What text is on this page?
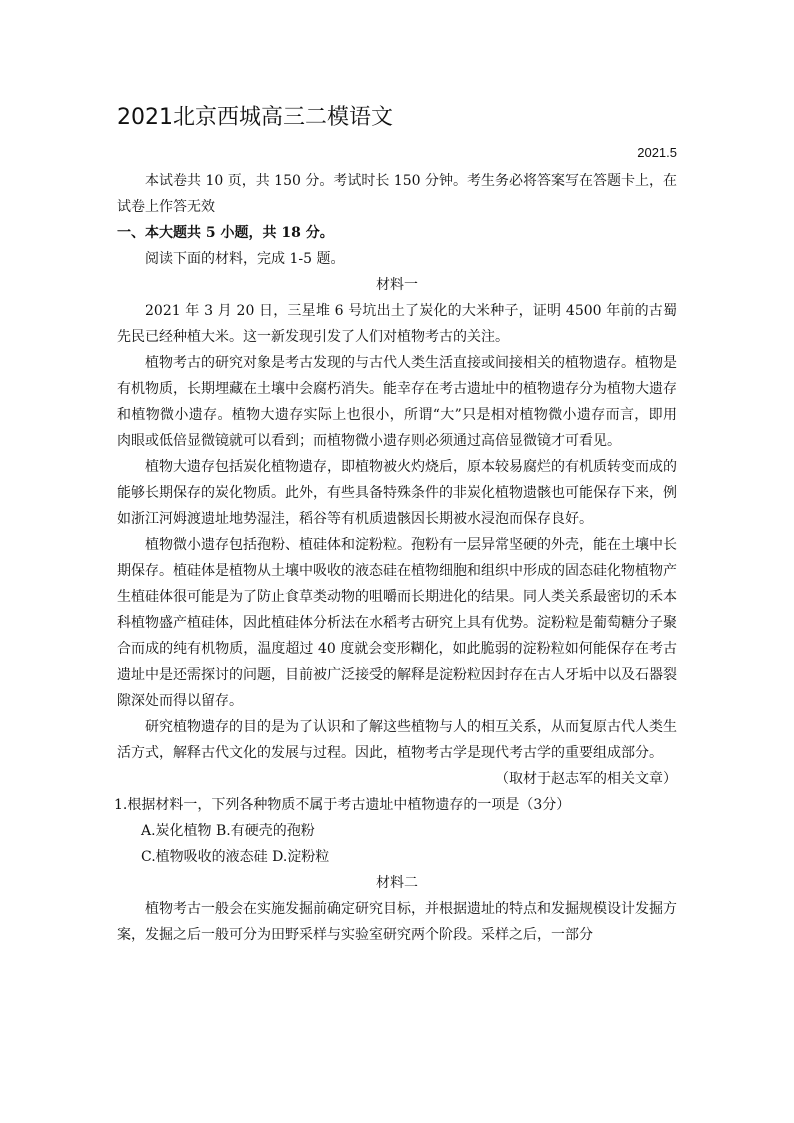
2021北京西城高三二模语文
2021.5

本试卷共 10 页，共 150 分。考试时长 150 分钟。考生务必将答案写在答题卡上，在试卷上作答无效

一、本大题共 5 小题，共 18 分。

阅读下面的材料，完成 1-5 题。

材料一

2021 年 3 月 20 日，三星堆 6 号坑出土了炭化的大米种子，证明 4500 年前的古蜀先民已经种植大米。这一新发现引发了人们对植物考古的关注。

植物考古的研究对象是考古发现的与古代人类生活直接或间接相关的植物遗存。植物是有机物质，长期埋藏在土壤中会腐朽消失。能幸存在考古遗址中的植物遗存分为植物大遗存和植物微小遗存。植物大遗存实际上也很小，所谓“大”只是相对植物微小遗存而言，即用肉眼或低倍显微镜就可以看到；而植物微小遗存则必须通过高倍显微镜才可看见。

植物大遗存包括炭化植物遗存，即植物被火灼烧后，原本较易腐烂的有机质转变而成的能够长期保存的炭化物质。此外，有些具备特殊条件的非炭化植物遗骸也可能保存下来，例如浙江河姆渡遗址地势湿洼，稻谷等有机质遗骸因长期被水浸泡而保存良好。

植物微小遗存包括孢粉、植硅体和淀粉粒。孢粉有一层异常坚硬的外壳，能在土壤中长期保存。植硅体是植物从土壤中吸收的液态硅在植物细胞和组织中形成的固态硅化物植物产生植硅体很可能是为了防止食草类动物的咀嚼而长期进化的结果。同人类关系最密切的禾本科植物盛产植硅体，因此植硅体分析法在水稻考古研究上具有优势。淀粉粒是葡萄糖分子聚合而成的纯有机物质，温度超过 40 度就会变形糊化，如此脆弱的淀粉粒如何能保存在考古遗址中是还需探讨的问题，目前被广泛接受的解释是淀粉粒因封存在古人牙垢中以及石器裂隙深处而得以留存。

研究植物遗存的目的是为了认识和了解这些植物与人的相互关系，从而复原古代人类生活方式，解释古代文化的发展与过程。因此，植物考古学是现代考古学的重要组成部分。

（取材于赵志军的相关文章）

1.根据材料一，下列各种物质不属于考古遗址中植物遗存的一项是（3分）

A.炭化植物 B.有硬壳的孢粉

C.植物吸收的液态硅 D.淀粉粒

材料二

植物考古一般会在实施发掘前确定研究目标，并根据遗址的特点和发掘规模设计发掘方案，发掘之后一般可分为田野采样与实验室研究两个阶段。采样之后，一部分
